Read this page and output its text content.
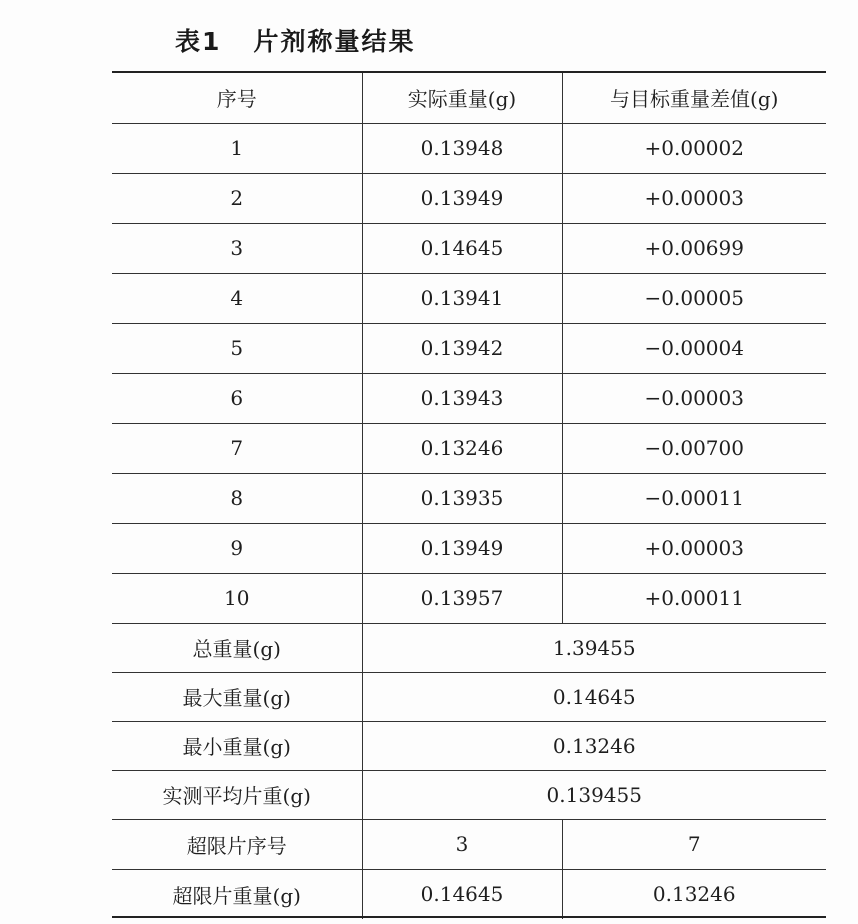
表1   片剂称量结果
序号	实际重量(g)	与目标重量差值(g)
1	0.13948	+0.00002
2	0.13949	+0.00003
3	0.14645	+0.00699
4	0.13941	−0.00005
5	0.13942	−0.00004
6	0.13943	−0.00003
7	0.13246	−0.00700
8	0.13935	−0.00011
9	0.13949	+0.00003
10	0.13957	+0.00011
总重量(g)	1.39455	
最大重量(g)	0.14645	
最小重量(g)	0.13246	
实测平均片重(g)	0.139455	
超限片序号	3	7
超限片重量(g)	0.14645	0.13246
